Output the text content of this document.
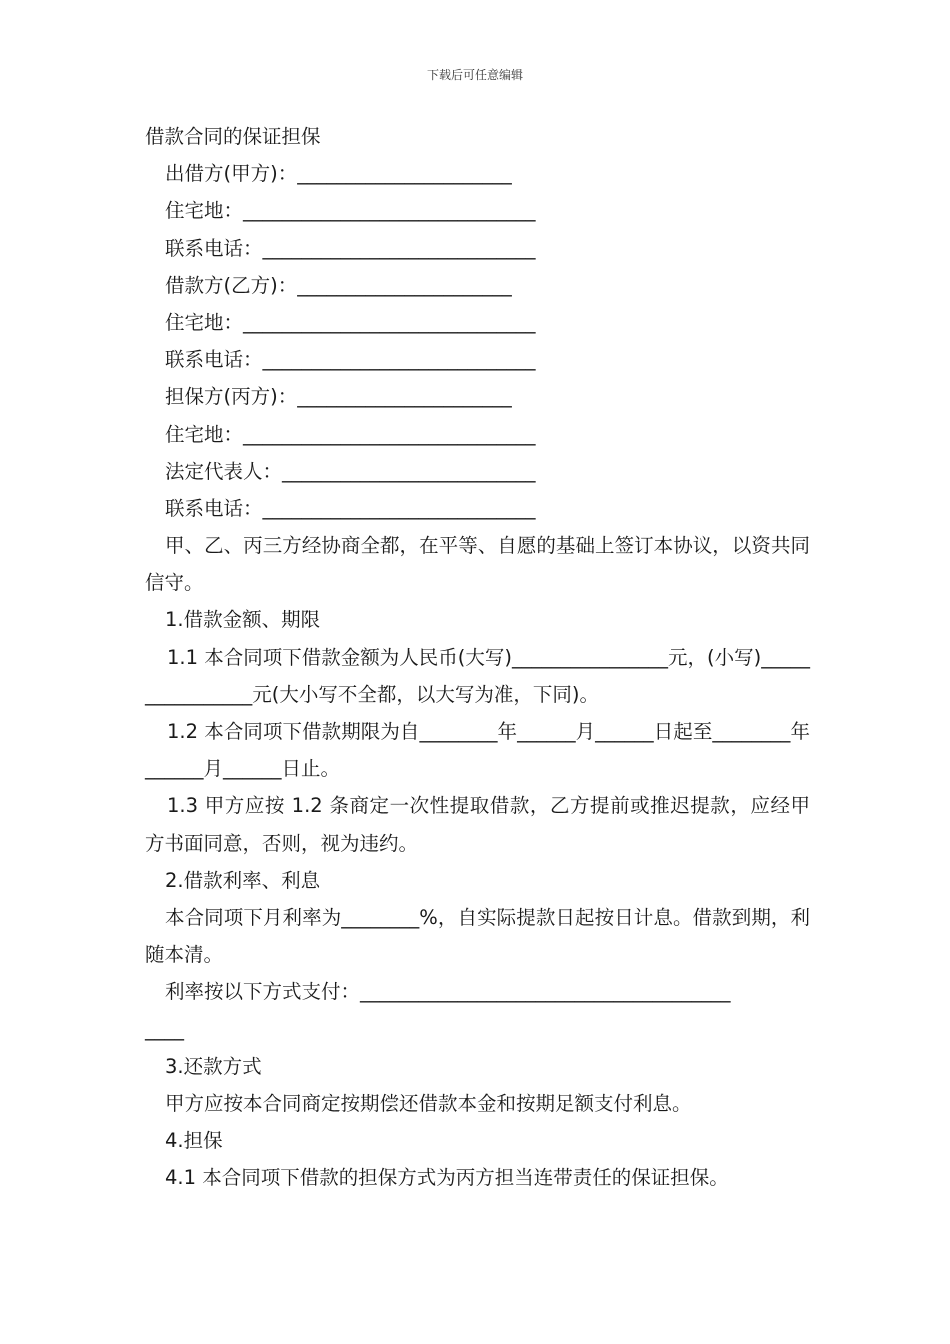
下载后可任意编辑
借款合同的保证担保
出借方(甲方)：______________________
住宅地：______________________________
联系电话：____________________________
借款方(乙方)：______________________
住宅地：______________________________
联系电话：____________________________
担保方(丙方)：______________________
住宅地：______________________________
法定代表人：__________________________
联系电话：____________________________
甲、乙、丙三方经协商全都，在平等、自愿的基础上签订本协议，以资共同信守。
1.借款金额、期限
1.1 本合同项下借款金额为人民币(大写)________________元，(小写)________________元(大小写不全都，以大写为准，下同)。
1.2 本合同项下借款期限为自________年______月______日起至________年______月______日止。
1.3 甲方应按 1.2 条商定一次性提取借款，乙方提前或推迟提款，应经甲方书面同意，否则，视为违约。
2.借款利率、利息
本合同项下月利率为________%，自实际提款日起按日计息。借款到期，利随本清。
利率按以下方式支付：______________________________________
____
3.还款方式
甲方应按本合同商定按期偿还借款本金和按期足额支付利息。
4.担保
4.1 本合同项下借款的担保方式为丙方担当连带责任的保证担保。
